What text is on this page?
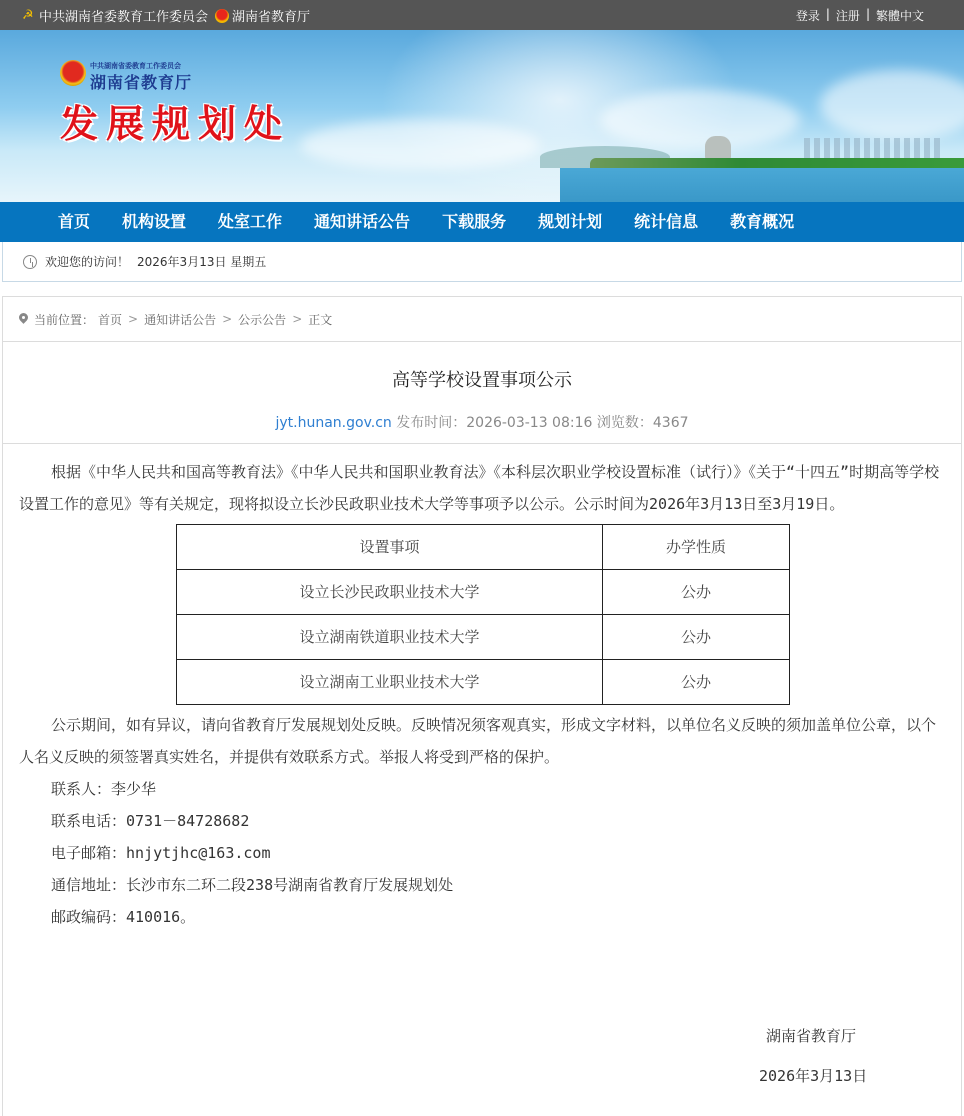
☭ 中共湖南省委教育工作委员会 湖南省教育厅	登录 | 注册 | 繁體中文
中共湖南省委教育工作委员会
湖南省教育厅
发展规划处
首页	机构设置	处室工作	通知讲话公告	下载服务	规划计划	统计信息	教育概况
欢迎您的访问！ 2026年3月13日 星期五
当前位置： 首页 > 通知讲话公告 > 公示公告 > 正文
高等学校设置事项公示
jyt.hunan.gov.cn 发布时间：2026-03-13 08:16 浏览数：4367

根据《中华人民共和国高等教育法》《中华人民共和国职业教育法》《本科层次职业学校设置标准（试行）》《关于“十四五”时期高等学校设置工作的意见》等有关规定，现将拟设立长沙民政职业技术大学等事项予以公示。公示时间为2026年3月13日至3月19日。

设置事项	办学性质
设立长沙民政职业技术大学	公办
设立湖南铁道职业技术大学	公办
设立湖南工业职业技术大学	公办

公示期间，如有异议，请向省教育厅发展规划处反映。反映情况须客观真实，形成文字材料，以单位名义反映的须加盖单位公章，以个人名义反映的须签署真实姓名，并提供有效联系方式。举报人将受到严格的保护。

联系人：李少华

联系电话：0731－84728682

电子邮箱：hnjytjhc@163.com

通信地址：长沙市东二环二段238号湖南省教育厅发展规划处

邮政编码：410016。

湖南省教育厅
2026年3月13日
